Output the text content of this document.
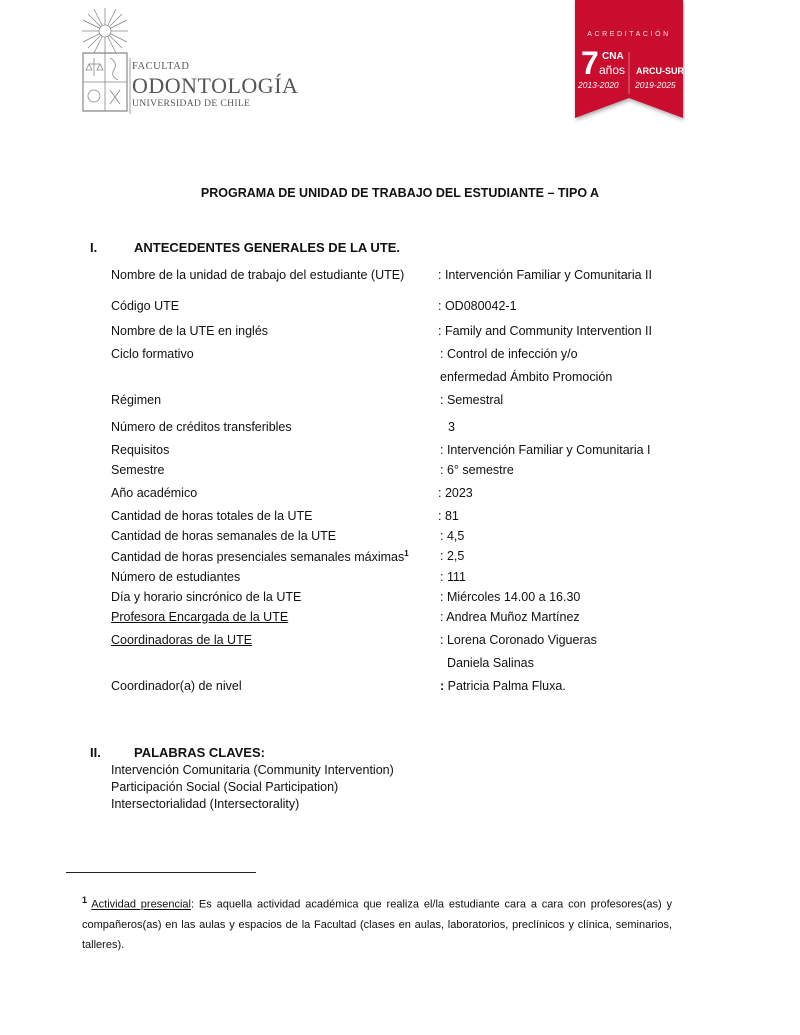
FACULTAD
ODONTOLOGÍA
UNIVERSIDAD DE CHILE
ACREDITACIÓN
7 CNA
años
2013-2020
ARCU-SUR
2019-2025
PROGRAMA DE UNIDAD DE TRABAJO DEL ESTUDIANTE – TIPO A
I.	ANTECEDENTES GENERALES DE LA UTE.
Nombre de la unidad de trabajo del estudiante (UTE)	: Intervención Familiar y Comunitaria II
Código UTE	: OD080042-1
Nombre de la UTE en inglés	: Family and Community Intervention II
Ciclo formativo	: Control de infección y/o
enfermedad Ámbito Promoción
Régimen	: Semestral
Número de créditos transferibles	3
Requisitos	: Intervención Familiar y Comunitaria I
Semestre	: 6° semestre
Año académico	: 2023
Cantidad de horas totales de la UTE	: 81
Cantidad de horas semanales de la UTE	: 4,5
Cantidad de horas presenciales semanales máximas$^1$	: 2,5
Número de estudiantes	: 111
Día y horario sincrónico de la UTE	: Miércoles 14.00 a 16.30
Profesora Encargada de la UTE	: Andrea Muñoz Martínez
Coordinadoras de la UTE	: Lorena Coronado Vigueras
Daniela Salinas
Coordinador(a) de nivel	: Patricia Palma Fluxa.
II.	PALABRAS CLAVES:
Intervención Comunitaria (Community Intervention)
Participación Social (Social Participation)
Intersectorialidad (Intersectorality)
$^1$ Actividad presencial: Es aquella actividad académica que realiza el/la estudiante cara a cara con profesores(as) y compañeros(as) en las aulas y espacios de la Facultad (clases en aulas, laboratorios, preclínicos y clínica, seminarios, talleres).
